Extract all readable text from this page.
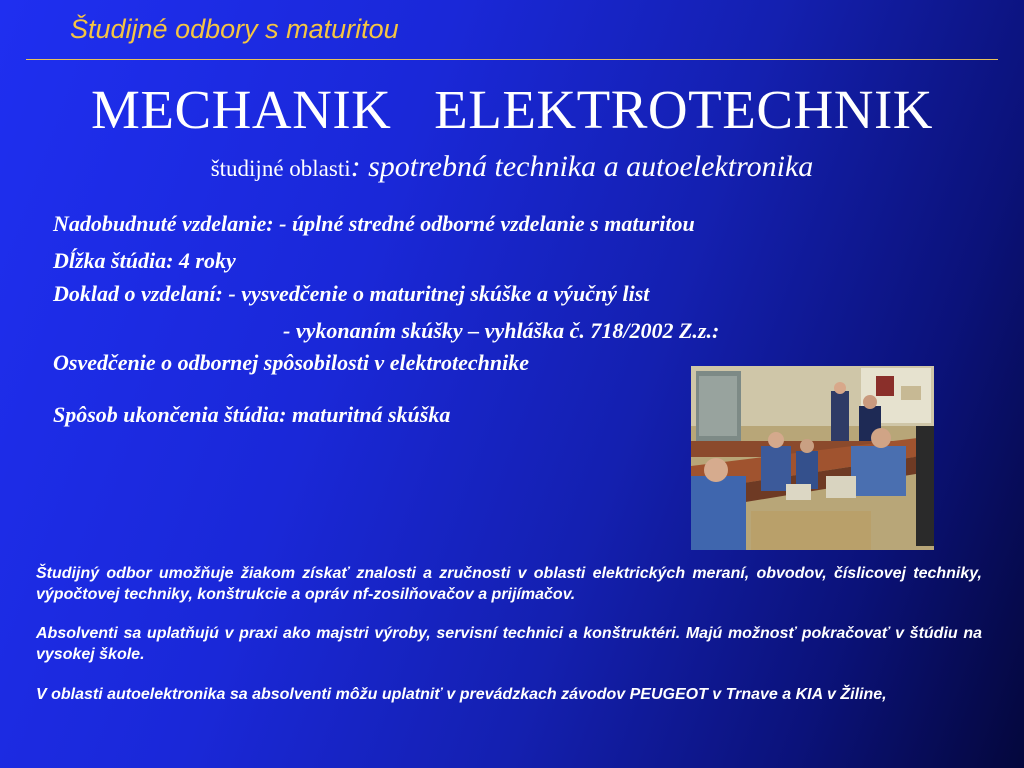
Študijné odbory s maturitou
MECHANIK   ELEKTROTECHNIK
študijné oblasti: spotrebná technika a autoelektronika
Nadobudnuté vzdelanie: - úplné stredné odborné vzdelanie s maturitou
Dĺžka štúdia: 4 roky
Doklad o vzdelaní: - vysvedčenie o maturitnej skúške a výučný list
- vykonaním skúšky – vyhláška č. 718/2002 Z.z.:
Osvedčenie o odbornej spôsobilosti v elektrotechnike
Spôsob ukončenia štúdia: maturitná skúška
Študijný odbor umožňuje žiakom získať znalosti a zručnosti v oblasti elektrických meraní, obvodov, číslicovej techniky, výpočtovej techniky, konštrukcie a opráv nf-zosilňovačov a prijímačov.
Absolventi sa uplatňujú v praxi ako majstri výroby, servisní technici a konštruktéri. Majú možnosť pokračovať v štúdiu na vysokej škole.
V oblasti autoelektronika sa absolventi môžu uplatniť v prevádzkach závodov PEUGEOT v Trnave a KIA v Žiline,
